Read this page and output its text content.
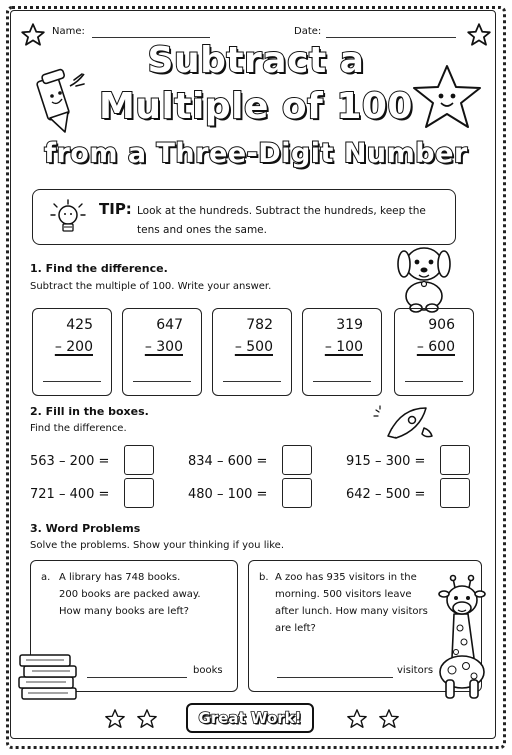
Name:	Date:
Subtract a
Multiple of 100
from a Three-Digit Number
TIP: Look at the hundreds. Subtract the hundreds, keep the tens and ones the same.
1. Find the difference.
Subtract the multiple of 100. Write your answer.
425
– 200
647
– 300
782
– 500
319
– 100
906
– 600
2. Fill in the boxes.
Find the difference.
563 – 200 =	834 – 600 =	915 – 300 =
721 – 400 =	480 – 100 =	642 – 500 =
3. Word Problems
Solve the problems. Show your thinking if you like.
a. A library has 748 books.
200 books are packed away.
How many books are left?
books
b. A zoo has 935 visitors in the
morning. 500 visitors leave
after lunch. How many visitors
are left?
visitors
Great Work!
